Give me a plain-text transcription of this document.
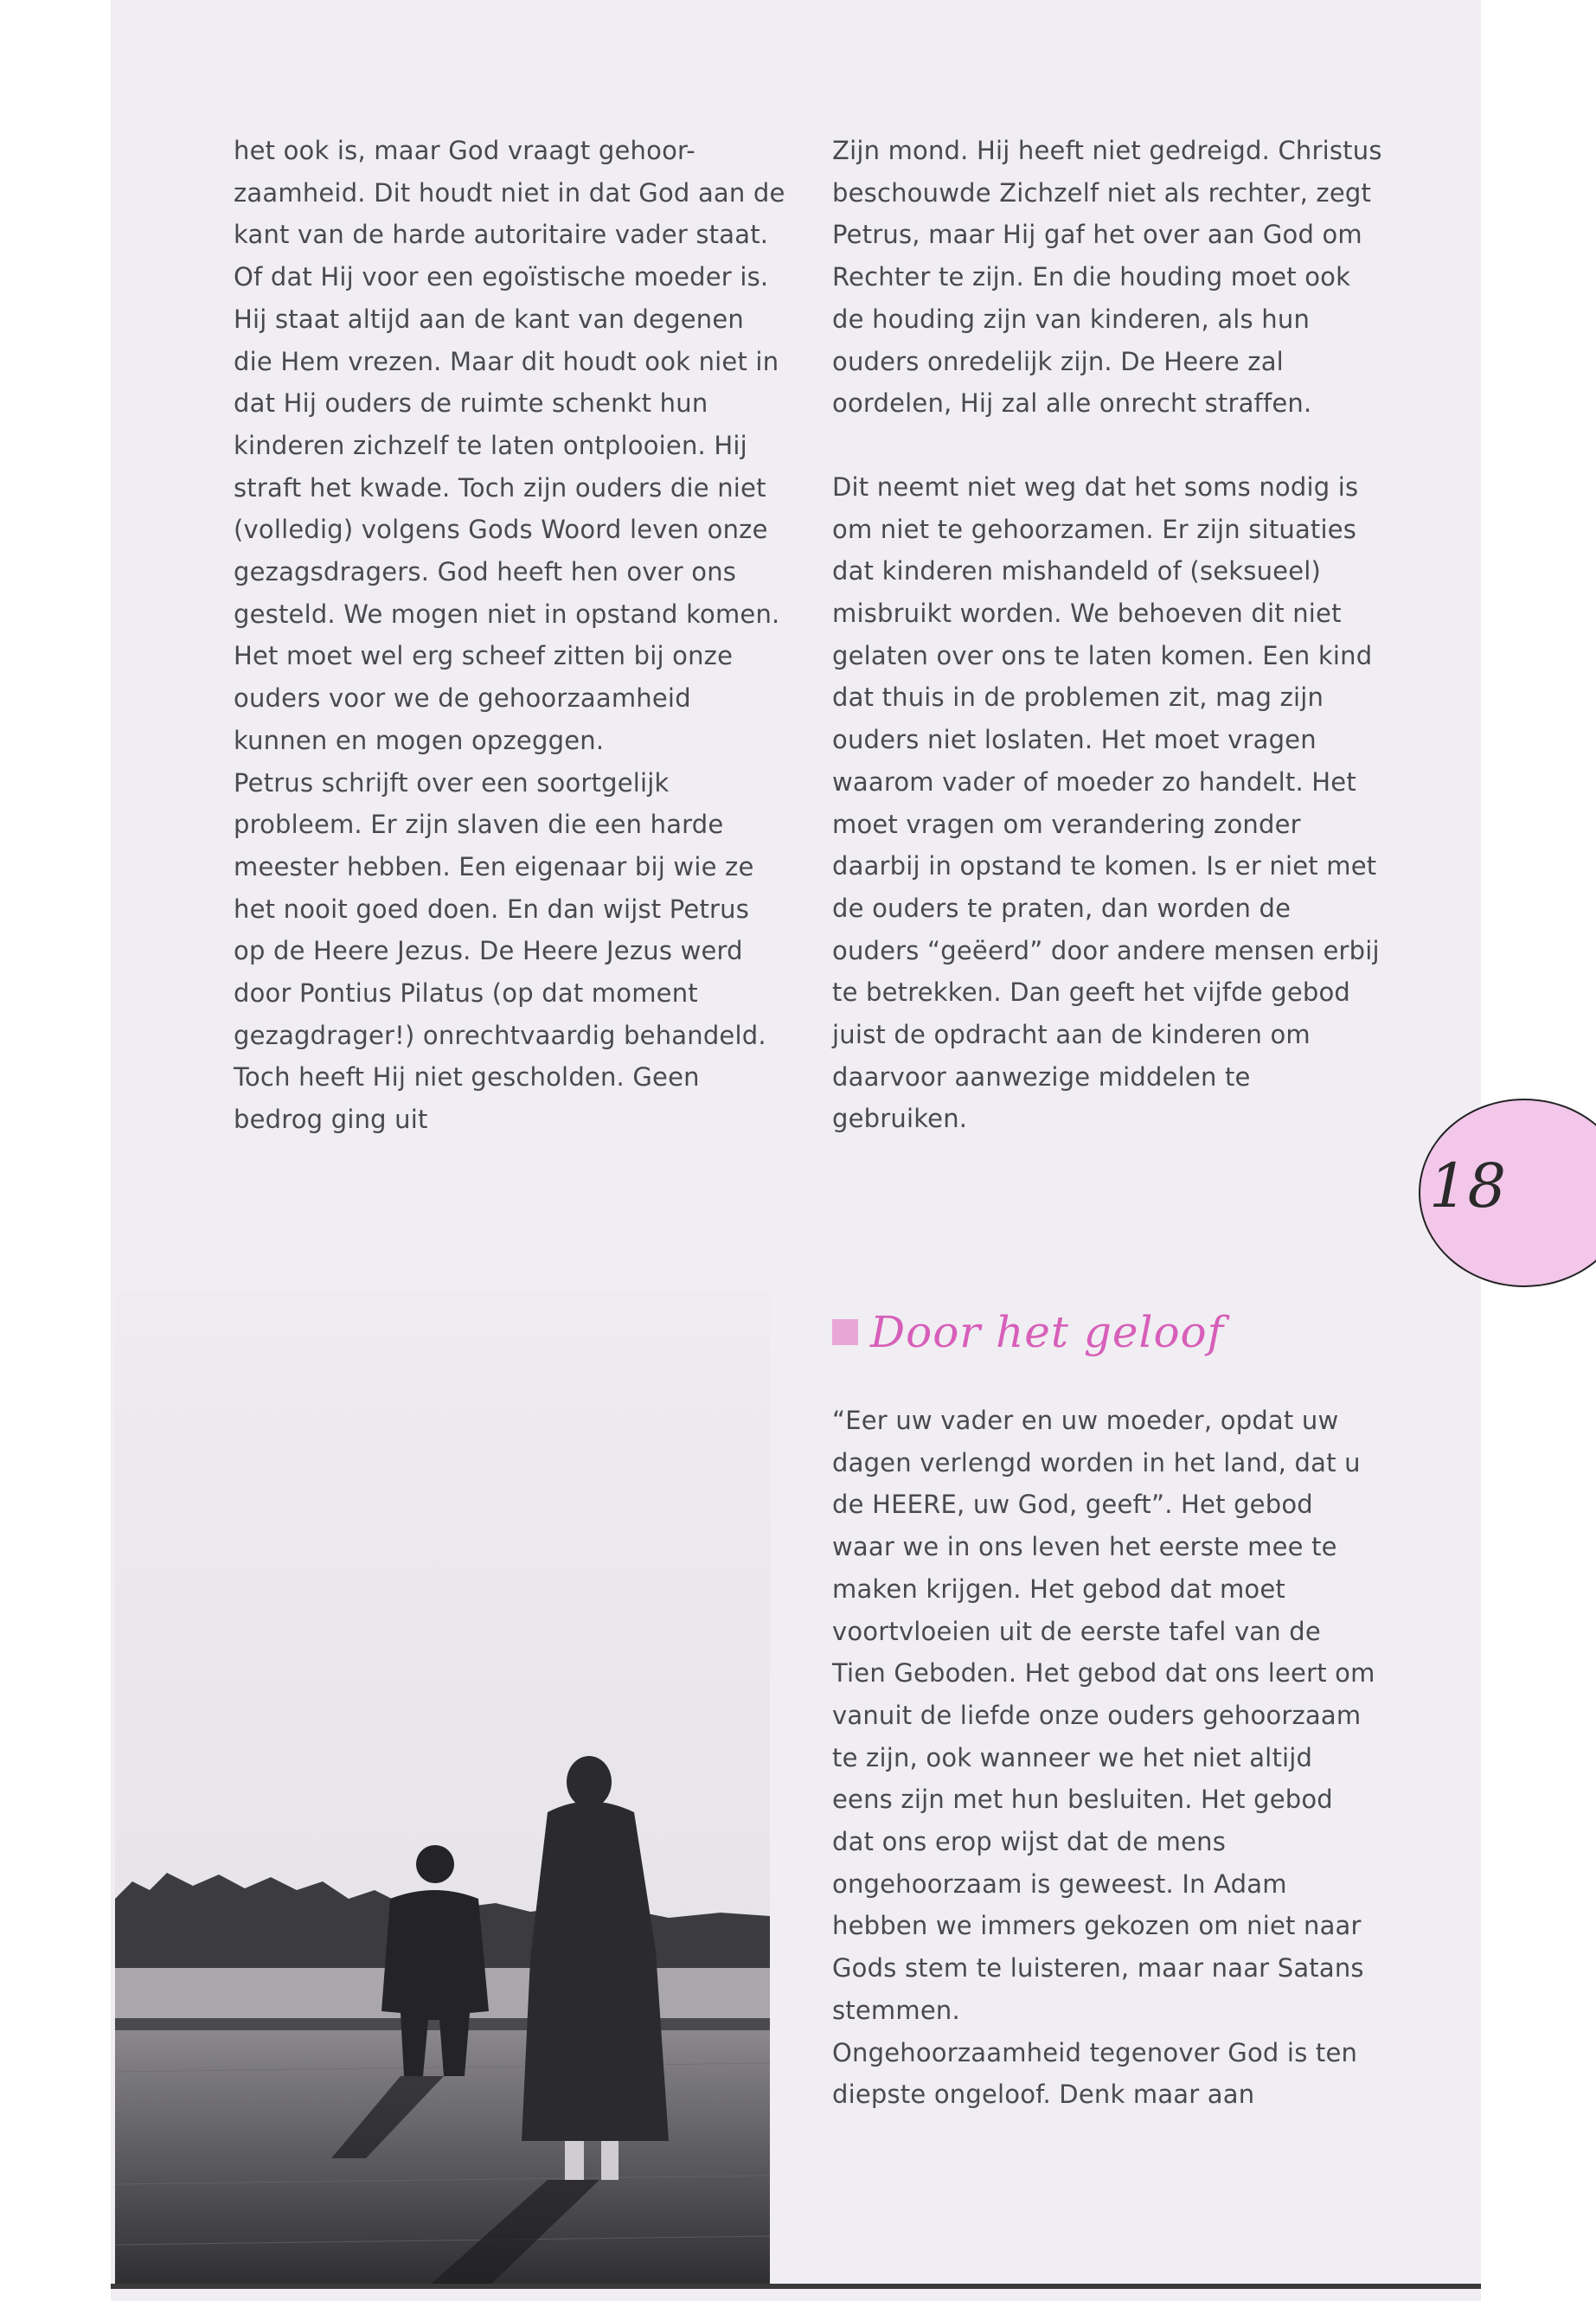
het ook is, maar God vraagt gehoor-zaamheid. Dit houdt niet in dat God aan de kant van de harde autoritaire vader staat. Of dat Hij voor een egoïstische moeder is. Hij staat altijd aan de kant van degenen die Hem vrezen. Maar dit houdt ook niet in dat Hij ouders de ruimte schenkt hun kinderen zichzelf te laten ontplooien. Hij straft het kwade. Toch zijn ouders die niet (volledig) volgens Gods Woord leven onze gezagsdragers. God heeft hen over ons gesteld. We mogen niet in opstand komen. Het moet wel erg scheef zitten bij onze ouders voor we de gehoorzaamheid kunnen en mogen opzeggen.

Petrus schrijft over een soortgelijk probleem. Er zijn slaven die een harde meester hebben. Een eigenaar bij wie ze het nooit goed doen. En dan wijst Petrus op de Heere Jezus. De Heere Jezus werd door Pontius Pilatus (op dat moment gezagdrager!) onrechtvaardig behandeld. Toch heeft Hij niet gescholden. Geen bedrog ging uit

Zijn mond. Hij heeft niet gedreigd. Christus beschouwde Zichzelf niet als rechter, zegt Petrus, maar Hij gaf het over aan God om Rechter te zijn. En die houding moet ook de houding zijn van kinderen, als hun ouders onredelijk zijn. De Heere zal oordelen, Hij zal alle onrecht straffen.

Dit neemt niet weg dat het soms nodig is om niet te gehoorzamen. Er zijn situaties dat kinderen mishandeld of (seksueel) misbruikt worden. We behoeven dit niet gelaten over ons te laten komen. Een kind dat thuis in de problemen zit, mag zijn ouders niet loslaten. Het moet vragen waarom vader of moeder zo handelt. Het moet vragen om verandering zonder daarbij in opstand te komen. Is er niet met de ouders te praten, dan worden de ouders “geëerd” door andere mensen erbij te betrekken. Dan geeft het vijfde gebod juist de opdracht aan de kinderen om daarvoor aanwezige middelen te gebruiken.

18
Door het geloof

“Eer uw vader en uw moeder, opdat uw dagen verlengd worden in het land, dat u de HEERE, uw God, geeft”. Het gebod waar we in ons leven het eerste mee te maken krijgen. Het gebod dat moet voortvloeien uit de eerste tafel van de Tien Geboden. Het gebod dat ons leert om vanuit de liefde onze ouders gehoorzaam te zijn, ook wanneer we het niet altijd eens zijn met hun besluiten. Het gebod dat ons erop wijst dat de mens ongehoorzaam is geweest. In Adam hebben we immers gekozen om niet naar Gods stem te luisteren, maar naar Satans stemmen.

Ongehoorzaamheid tegenover God is ten diepste ongeloof. Denk maar aan
